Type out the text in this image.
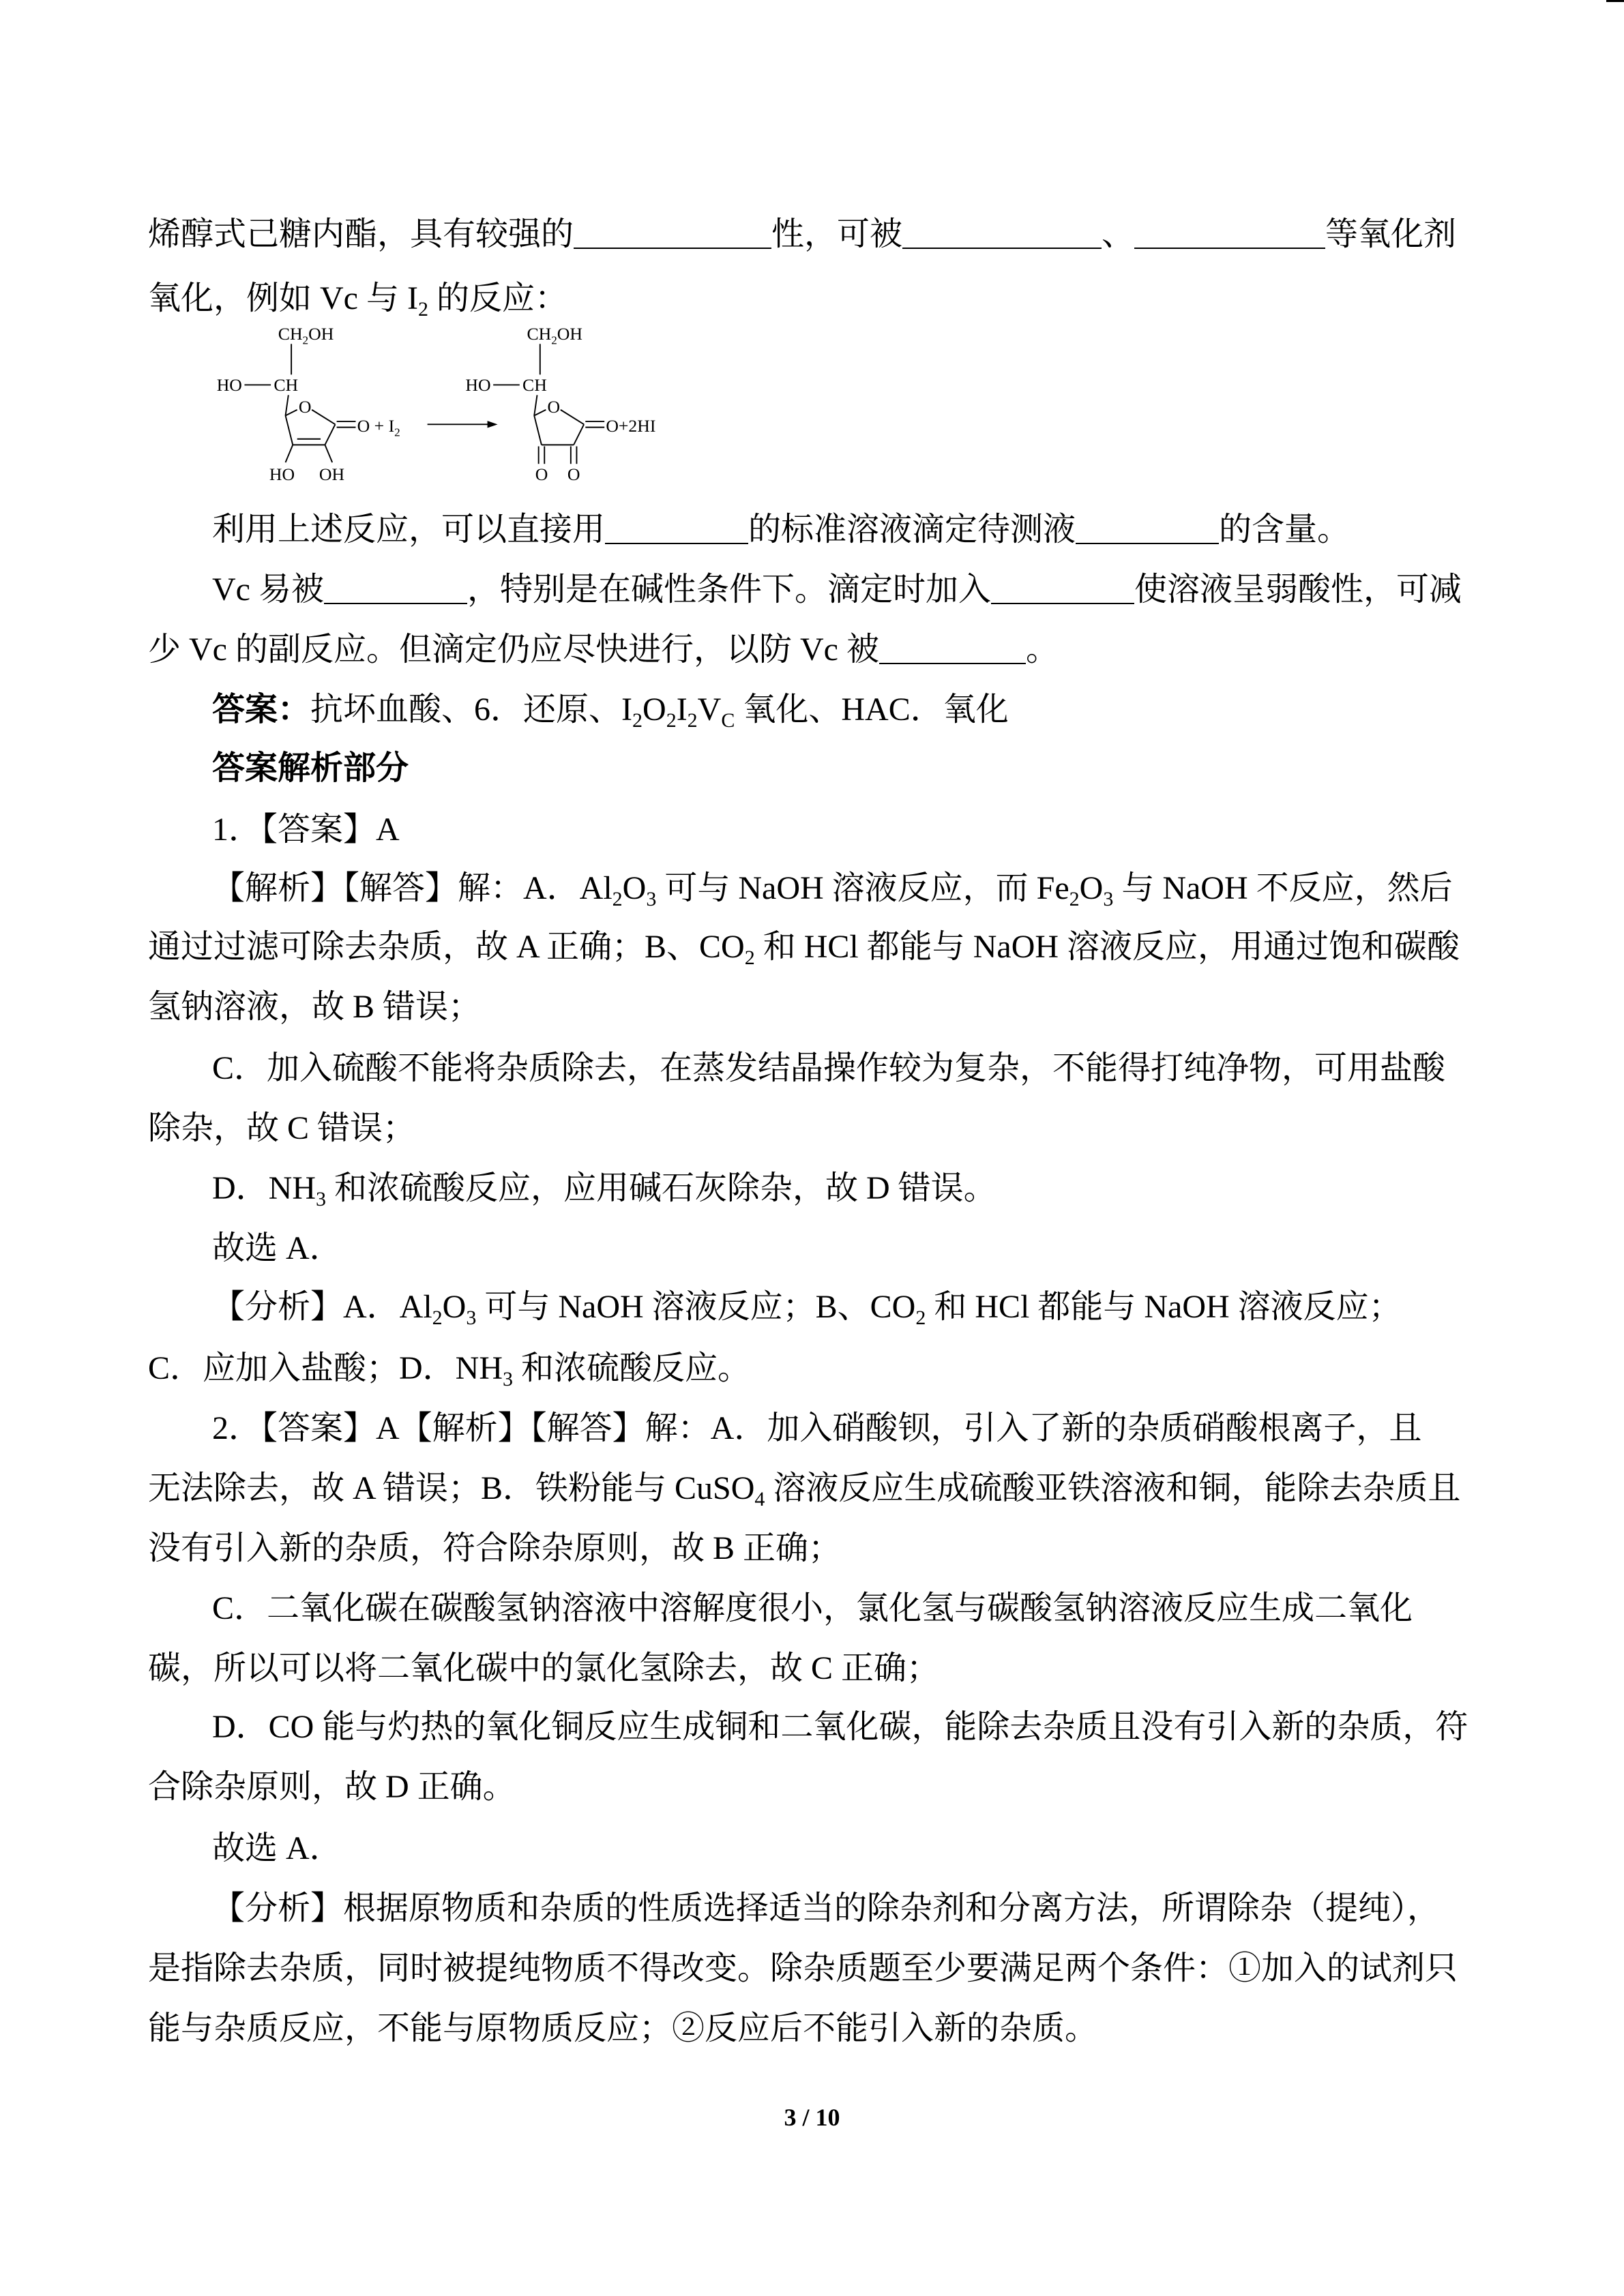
烯醇式己糖内酯，具有较强的	性，可被	、	等氧化剂
氧化，例如 Vc 与 $I_2$ 的反应：
$CH_2OH$
HO	CH
O
$O + I_2$
HO	OH
$CH_2OH$
HO	CH
O
O+2HI
O O
利用上述反应，可以直接用	的标准溶液滴定待测液	的含量。
Vc 易被	，特别是在碱性条件下。滴定时加入	使溶液呈弱酸性，可减
少 Vc 的副反应。但滴定仍应尽快进行，以防 Vc 被	。
答案：抗坏血酸、6．还原、$I_2O_2I_2V_C$ 氧化、HAC．氧化
答案解析部分
1．【答案】A
【解析】【解答】解：A．$Al_2O_3$ 可与 NaOH 溶液反应，而 $Fe_2O_3$ 与 NaOH 不反应，然后
通过过滤可除去杂质，故 A 正确；B、$CO_2$ 和 HCl 都能与 NaOH 溶液反应，用通过饱和碳酸
氢钠溶液，故 B 错误；
C．加入硫酸不能将杂质除去，在蒸发结晶操作较为复杂，不能得打纯净物，可用盐酸
除杂，故 C 错误；
D．$NH_3$ 和浓硫酸反应，应用碱石灰除杂，故 D 错误。
故选 A．
【分析】A．$Al_2O_3$ 可与 NaOH 溶液反应；B、$CO_2$ 和 HCl 都能与 NaOH 溶液反应；
C．应加入盐酸；D．$NH_3$ 和浓硫酸反应。
2．【答案】A【解析】【解答】解：A．加入硝酸钡，引入了新的杂质硝酸根离子，且
无法除去，故 A 错误；B．铁粉能与 CuSO$_4$ 溶液反应生成硫酸亚铁溶液和铜，能除去杂质且
没有引入新的杂质，符合除杂原则，故 B 正确；
C．二氧化碳在碳酸氢钠溶液中溶解度很小，氯化氢与碳酸氢钠溶液反应生成二氧化
碳，所以可以将二氧化碳中的氯化氢除去，故 C 正确；
D．CO 能与灼热的氧化铜反应生成铜和二氧化碳，能除去杂质且没有引入新的杂质，符
合除杂原则，故 D 正确。
故选 A．
【分析】根据原物质和杂质的性质选择适当的除杂剂和分离方法，所谓除杂（提纯），
是指除去杂质，同时被提纯物质不得改变。除杂质题至少要满足两个条件：①加入的试剂只
能与杂质反应，不能与原物质反应；②反应后不能引入新的杂质。
3 / 10
